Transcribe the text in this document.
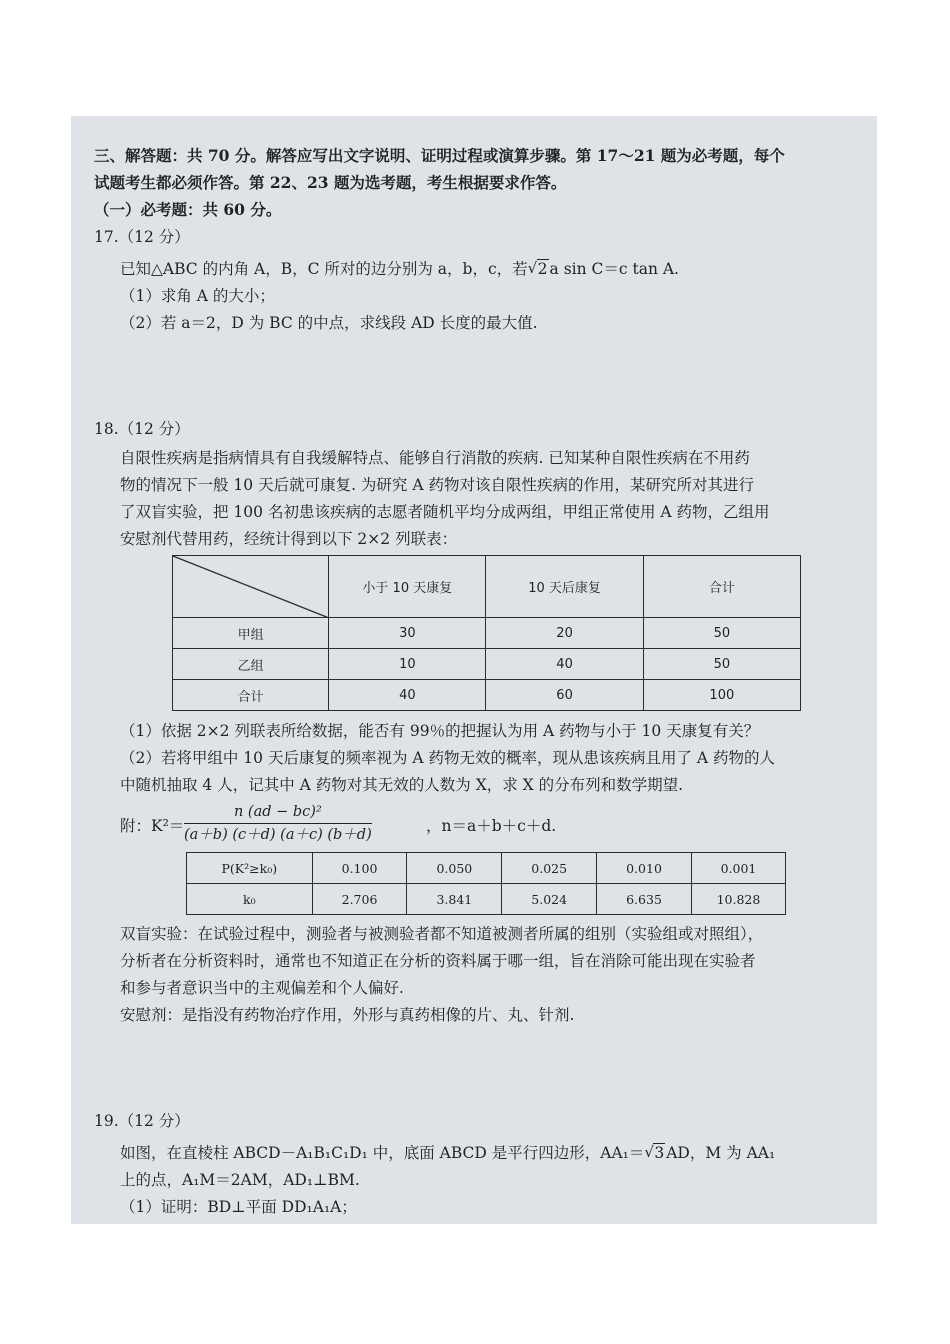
三、解答题：共 70 分。解答应写出文字说明、证明过程或演算步骤。第 17～21 题为必考题，每个
试题考生都必须作答。第 22、23 题为选考题，考生根据要求作答。
（一）必考题：共 60 分。
17.（12 分）
已知△ABC 的内角 A，B，C 所对的边分别为 a，b，c，若 √ 2 a sin C＝c tan A.
（1）求角 A 的大小；
（2）若 a＝2，D 为 BC 的中点，求线段 AD 长度的最大值.
18.（12 分）
自限性疾病是指病情具有自我缓解特点、能够自行消散的疾病. 已知某种自限性疾病在不用药
物的情况下一般 10 天后就可康复. 为研究 A 药物对该自限性疾病的作用，某研究所对其进行
了双盲实验，把 100 名初患该疾病的志愿者随机平均分成两组，甲组正常使用 A 药物，乙组用
安慰剂代替用药，经统计得到以下 2×2 列联表：
	小于 10 天康复	10 天后康复	合计
甲组	30	20	50
乙组	10	40	50
合计	40	60	100
（1）依据 2×2 列联表所给数据，能否有 99％的把握认为用 A 药物与小于 10 天康复有关？
（2）若将甲组中 10 天后康复的频率视为 A 药物无效的概率，现从患该疾病且用了 A 药物的人
中随机抽取 4 人，记其中 A 药物对其无效的人数为 X，求 X 的分布列和数学期望.
附：$K^2= \frac{\text{n (ad − bc)²}}{(a+b) (c+d) (a+c) (b+d)}$	，n＝a＋b＋c＋d.
P(K²≥k₀)	0.100	0.050	0.025	0.010	0.001
k₀	2.706	3.841	5.024	6.635	10.828
双盲实验：在试验过程中，测验者与被测验者都不知道被测者所属的组别（实验组或对照组），
分析者在分析资料时，通常也不知道正在分析的资料属于哪一组，旨在消除可能出现在实验者
和参与者意识当中的主观偏差和个人偏好.
安慰剂：是指没有药物治疗作用，外形与真药相像的片、丸、针剂.
19.（12 分）
如图，在直棱柱 ABCD－A₁B₁C₁D₁ 中，底面 ABCD 是平行四边形，AA₁＝ √ 3 AD，M 为 AA₁
上的点，A₁M＝2AM，AD₁⊥BM.
（1）证明：BD⊥平面 DD₁A₁A；
